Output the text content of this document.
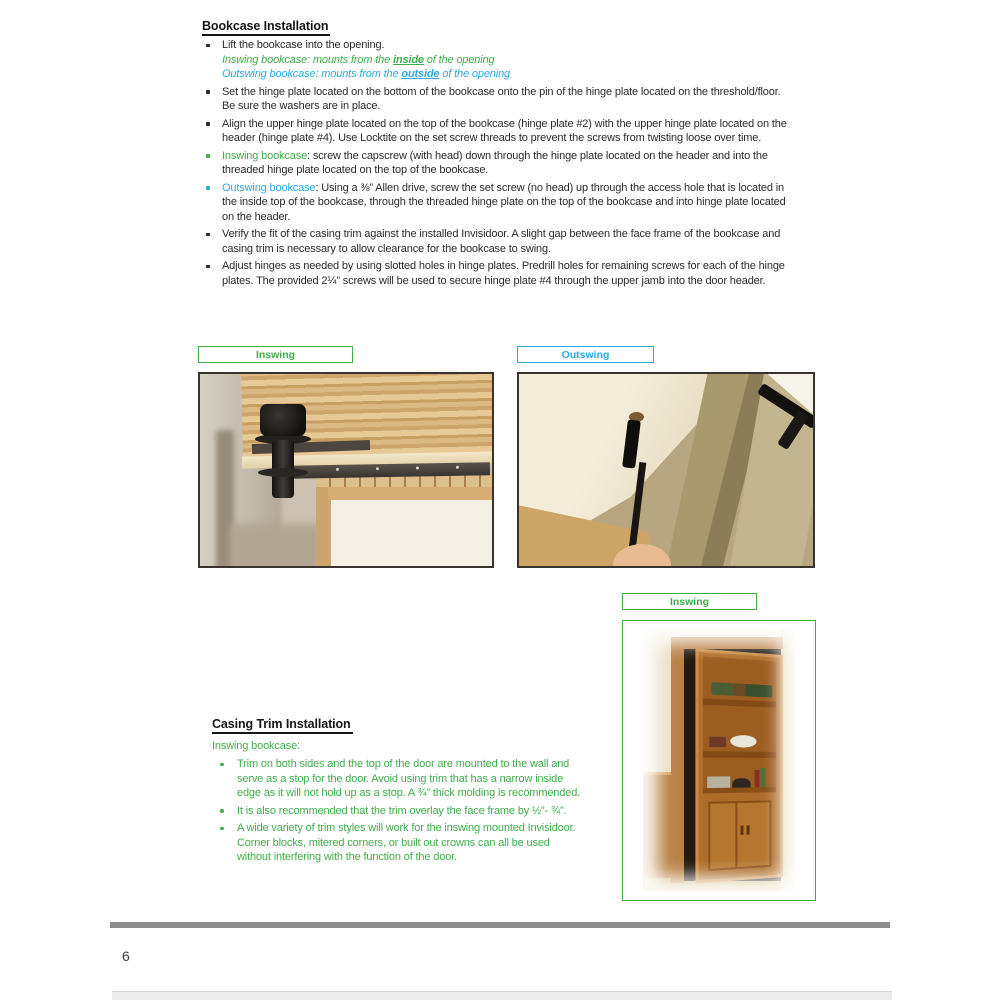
Bookcase Installation
Lift the bookcase into the opening.
Inswing bookcase: mounts from the inside of the opening
Outswing bookcase: mounts from the outside of the opening
Set the hinge plate located on the bottom of the bookcase onto the pin of the hinge plate located on the threshold/floor. Be sure the washers are in place.
Align the upper hinge plate located on the top of the bookcase (hinge plate #2) with the upper hinge plate located on the header (hinge plate #4). Use Locktite on the set screw threads to prevent the screws from twisting loose over time.
Inswing bookcase: screw the capscrew (with head) down through the hinge plate located on the header and into the threaded hinge plate located on the top of the bookcase.
Outswing bookcase: Using a ⅜” Allen drive, screw the set screw (no head) up through the access hole that is located in the inside top of the bookcase, through the threaded hinge plate on the top of the bookcase and into hinge plate located on the header.
Verify the fit of the casing trim against the installed Invisidoor. A slight gap between the face frame of the bookcase and casing trim is necessary to allow clearance for the bookcase to swing.
Adjust hinges as needed by using slotted holes in hinge plates. Predrill holes for remaining screws for each of the hinge plates. The provided 2¼” screws will be used to secure hinge plate #4 through the upper jamb into the door header.
Inswing	Outswing
Inswing
Casing Trim Installation
Inswing bookcase:
Trim on both sides and the top of the door are mounted to the wall and serve as a stop for the door. Avoid using trim that has a narrow inside edge as it will not hold up as a stop. A ¾” thick molding is recommended.
It is also recommended that the trim overlay the face frame by ½”- ¾”.
A wide variety of trim styles will work for the inswing mounted Invisidoor. Corner blocks, mitered corners, or built out crowns can all be used without interfering with the function of the door.
6
